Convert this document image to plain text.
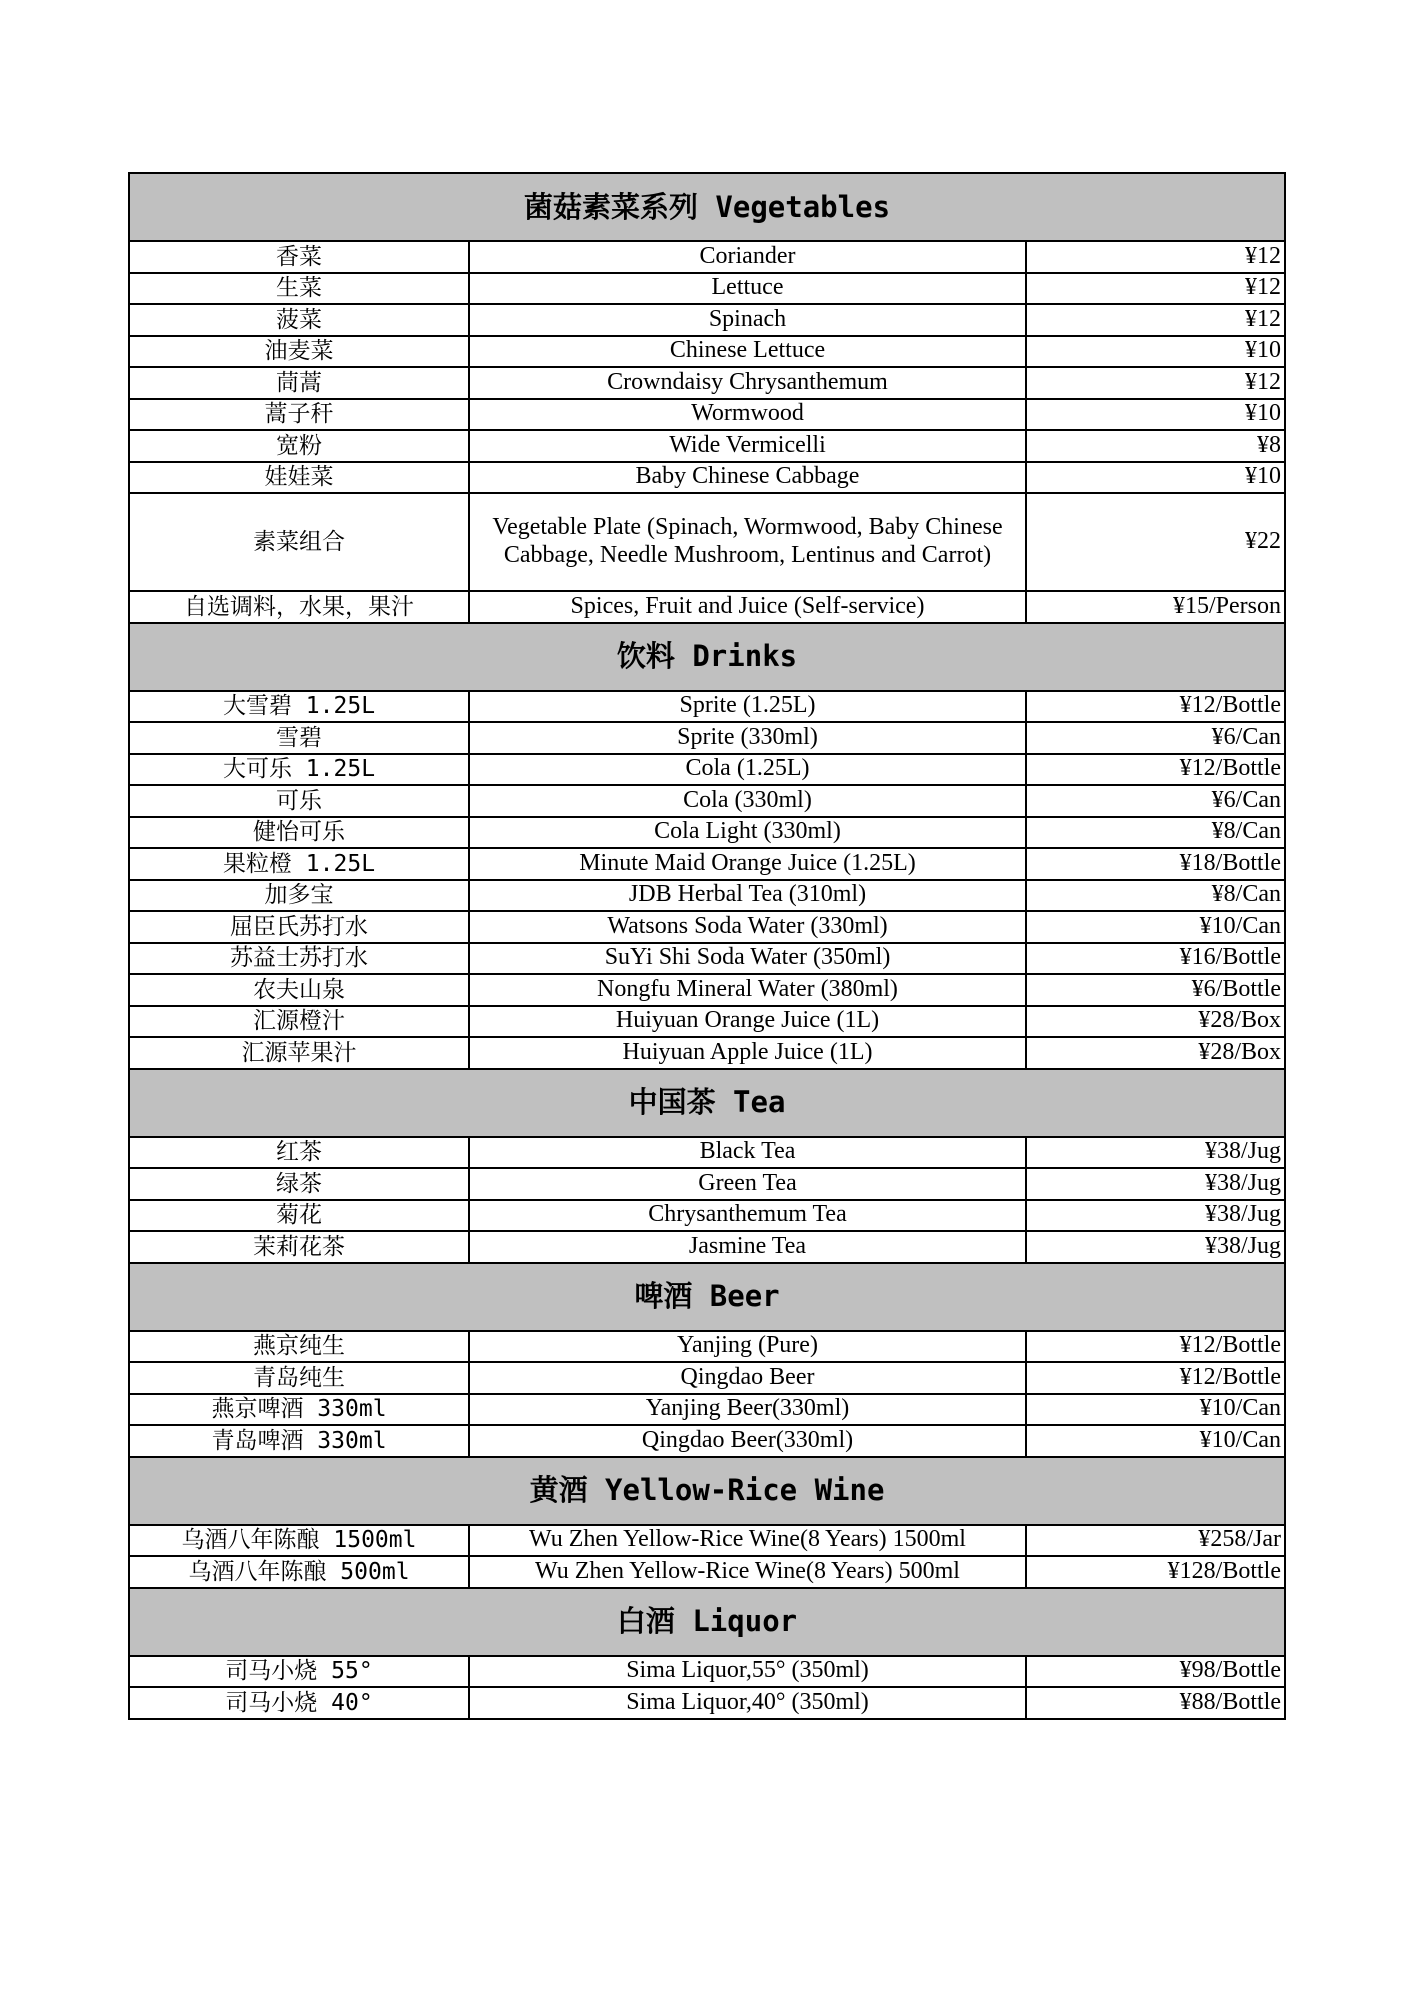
菌菇素菜系列 Vegetables		
香菜	Coriander	¥12
生菜	Lettuce	¥12
菠菜	Spinach	¥12
油麦菜	Chinese Lettuce	¥10
茼蒿	Crowndaisy Chrysanthemum	¥12
蒿子秆	Wormwood	¥10
宽粉	Wide Vermicelli	¥8
娃娃菜	Baby Chinese Cabbage	¥10
素菜组合	Vegetable Plate (Spinach, Wormwood, Baby Chinese Cabbage, Needle Mushroom, Lentinus and Carrot)	¥22
自选调料，水果，果汁	Spices, Fruit and Juice (Self-service)	¥15/Person
饮料 Drinks		
大雪碧 1.25L	Sprite (1.25L)	¥12/Bottle
雪碧	Sprite (330ml)	¥6/Can
大可乐 1.25L	Cola (1.25L)	¥12/Bottle
可乐	Cola (330ml)	¥6/Can
健怡可乐	Cola Light (330ml)	¥8/Can
果粒橙 1.25L	Minute Maid Orange Juice (1.25L)	¥18/Bottle
加多宝	JDB Herbal Tea (310ml)	¥8/Can
屈臣氏苏打水	Watsons Soda Water (330ml)	¥10/Can
苏益士苏打水	SuYi Shi Soda Water (350ml)	¥16/Bottle
农夫山泉	Nongfu Mineral Water (380ml)	¥6/Bottle
汇源橙汁	Huiyuan Orange Juice (1L)	¥28/Box
汇源苹果汁	Huiyuan Apple Juice (1L)	¥28/Box
中国茶 Tea		
红茶	Black Tea	¥38/Jug
绿茶	Green Tea	¥38/Jug
菊花	Chrysanthemum Tea	¥38/Jug
茉莉花茶	Jasmine Tea	¥38/Jug
啤酒 Beer		
燕京纯生	Yanjing (Pure)	¥12/Bottle
青岛纯生	Qingdao Beer	¥12/Bottle
燕京啤酒 330ml	Yanjing Beer(330ml)	¥10/Can
青岛啤酒 330ml	Qingdao Beer(330ml)	¥10/Can
黄酒 Yellow-Rice Wine		
乌酒八年陈酿 1500ml	Wu Zhen Yellow-Rice Wine(8 Years) 1500ml	¥258/Jar
乌酒八年陈酿 500ml	Wu Zhen Yellow-Rice Wine(8 Years) 500ml	¥128/Bottle
白酒 Liquor		
司马小烧 55°	Sima Liquor,55° (350ml)	¥98/Bottle
司马小烧 40°	Sima Liquor,40° (350ml)	¥88/Bottle
